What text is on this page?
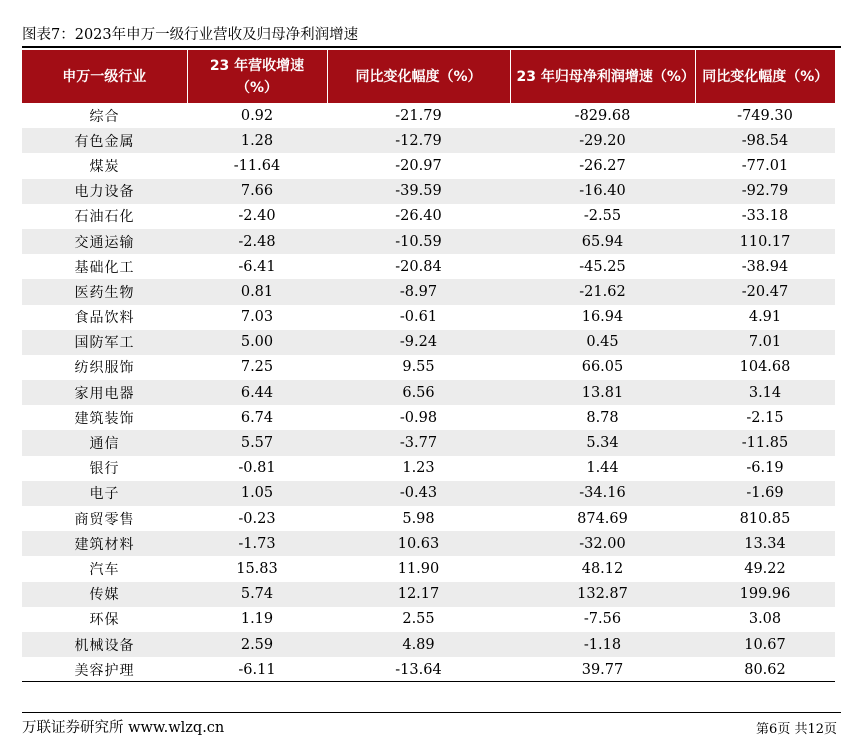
图表7：2023年申万一级行业营收及归母净利润增速
申万一级行业	23 年营收增速（%）	同比变化幅度（%）	23 年归母净利润增速（%）	同比变化幅度（%）
综合	0.92	-21.79	-829.68	-749.30
有色金属	1.28	-12.79	-29.20	-98.54
煤炭	-11.64	-20.97	-26.27	-77.01
电力设备	7.66	-39.59	-16.40	-92.79
石油石化	-2.40	-26.40	-2.55	-33.18
交通运输	-2.48	-10.59	65.94	110.17
基础化工	-6.41	-20.84	-45.25	-38.94
医药生物	0.81	-8.97	-21.62	-20.47
食品饮料	7.03	-0.61	16.94	4.91
国防军工	5.00	-9.24	0.45	7.01
纺织服饰	7.25	9.55	66.05	104.68
家用电器	6.44	6.56	13.81	3.14
建筑装饰	6.74	-0.98	8.78	-2.15
通信	5.57	-3.77	5.34	-11.85
银行	-0.81	1.23	1.44	-6.19
电子	1.05	-0.43	-34.16	-1.69
商贸零售	-0.23	5.98	874.69	810.85
建筑材料	-1.73	10.63	-32.00	13.34
汽车	15.83	11.90	48.12	49.22
传媒	5.74	12.17	132.87	199.96
环保	1.19	2.55	-7.56	3.08
机械设备	2.59	4.89	-1.18	10.67
美容护理	-6.11	-13.64	39.77	80.62
万联证券研究所 www.wlzq.cn	第6页 共12页
